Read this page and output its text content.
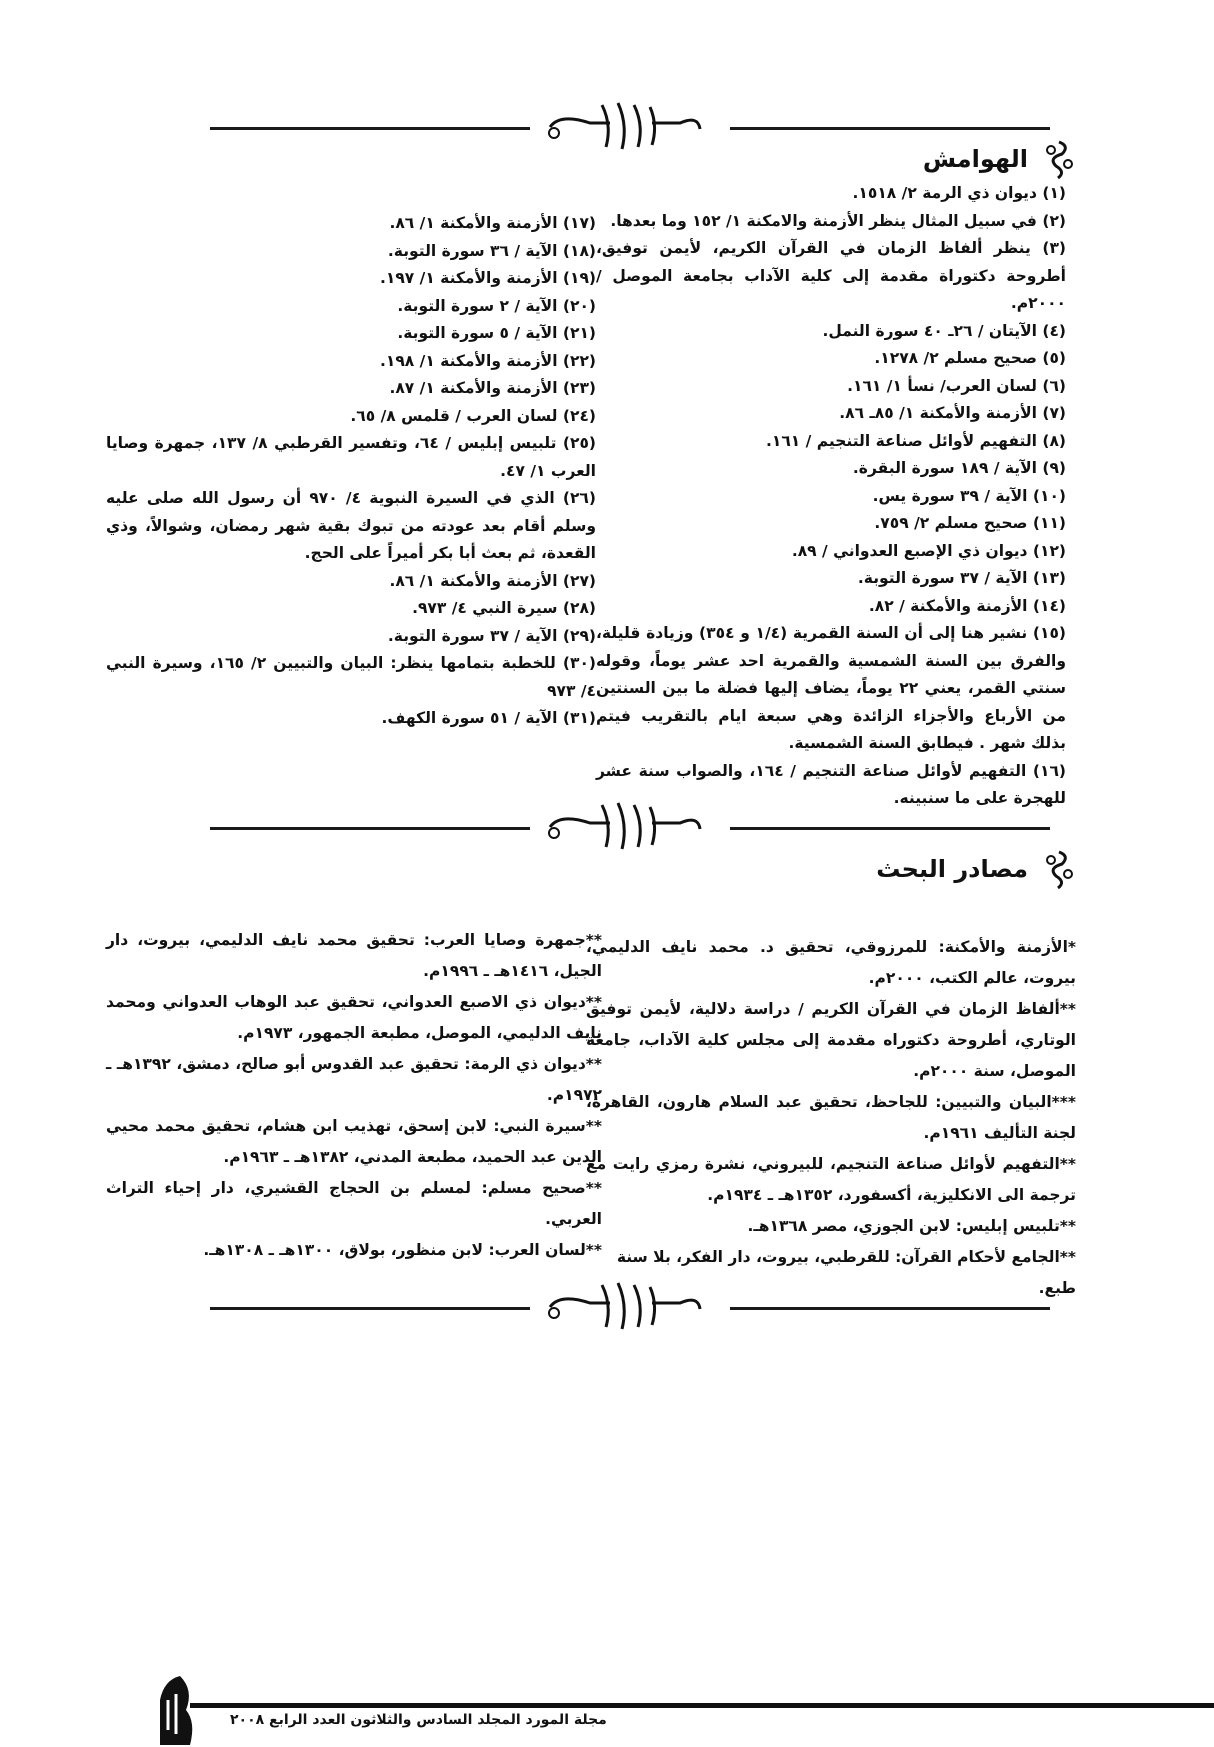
الهوامش

(١) ديوان ذي الرمة ٢/ ١٥١٨.

(٢) في سبيل المثال ينظر الأزمنة والامكنة ١/ ١٥٢ وما بعدها.

(٣) ينظر ألفاظ الزمان في القرآن الكريم، لأيمن توفيق، أطروحة دكتوراة مقدمة إلى كلية الآداب بجامعة الموصل / ٢٠٠٠م.

(٤) الآيتان / ٢٦ـ ٤٠ سورة النمل.

(٥) صحيح مسلم ٢/ ١٢٧٨.

(٦) لسان العرب/ نسأ ١/ ١٦١.

(٧) الأزمنة والأمكنة ١/ ٨٥ـ ٨٦.

(٨) التفهيم لأوائل صناعة التنجيم / ١٦١.

(٩) الآية / ١٨٩ سورة البقرة.

(١٠) الآية / ٣٩ سورة يس.

(١١) صحيح مسلم ٢/ ٧٥٩.

(١٢) ديوان ذي الإصبع العدواني / ٨٩.

(١٣) الآية / ٣٧ سورة التوبة.

(١٤) الأزمنة والأمكنة / ٨٢.

(١٥) نشير هنا إلى أن السنة القمرية (١/٤ و ٣٥٤) وزيادة قليلة، والفرق بين السنة الشمسية والقمرية احد عشر يوماً، وقوله سنتي القمر، يعني ٢٢ يوماً، يضاف إليها فضلة ما بين السنتين من الأرباع والأجزاء الزائدة وهي سبعة ايام بالتقريب فيتم بذلك شهر . فيطابق السنة الشمسية.

(١٦) التفهيم لأوائل صناعة التنجيم / ١٦٤، والصواب سنة عشر للهجرة على ما سنبينه.

(١٧) الأزمنة والأمكنة ١/ ٨٦.

(١٨) الآية / ٣٦ سورة التوبة.

(١٩) الأزمنة والأمكنة ١/ ١٩٧.

(٢٠) الآية / ٢ سورة التوبة.

(٢١) الآية / ٥ سورة التوبة.

(٢٢) الأزمنة والأمكنة ١/ ١٩٨.

(٢٣) الأزمنة والأمكنة ١/ ٨٧.

(٢٤) لسان العرب / قلمس ٨/ ٦٥.

(٢٥) تلبيس إبليس / ٦٤، وتفسير القرطبي ٨/ ١٣٧، جمهرة وصايا العرب ١/ ٤٧.

(٢٦) الذي في السيرة النبوية ٤/ ٩٧٠ أن رسول الله صلى عليه وسلم أقام بعد عودته من تبوك بقية شهر رمضان، وشوالاً، وذي القعدة، ثم بعث أبا بكر أميراً على الحج.

(٢٧) الأزمنة والأمكنة ١/ ٨٦.

(٢٨) سيرة النبي ٤/ ٩٧٣.

(٢٩) الآية / ٣٧ سورة التوبة.

(٣٠) للخطبة بتمامها ينظر: البيان والتبيين ٢/ ١٦٥، وسيرة النبي ٤/ ٩٧٣

(٣١) الآية / ٥١ سورة الكهف.

مصادر البحث

*الأزمنة والأمكنة: للمرزوقي، تحقيق د. محمد نايف الدليمي، بيروت، عالم الكتب، ٢٠٠٠م.

**ألفاظ الزمان في القرآن الكريم / دراسة دلالية، لأيمن توفيق الوتاري، أطروحة دكتوراه مقدمة إلى مجلس كلية الآداب، جامعة الموصل، سنة ٢٠٠٠م.

***البيان والتبيين: للجاحظ، تحقيق عبد السلام هارون، القاهرة، لجنة التأليف ١٩٦١م.

**التفهيم لأوائل صناعة التنجيم، للبيروني، نشرة رمزي رايت مع ترجمة الى الانكليزية، أكسفورد، ١٣٥٢هـ ـ ١٩٣٤م.

**تلبيس إبليس: لابن الجوزي، مصر ١٣٦٨هـ.

**الجامع لأحكام القرآن: للقرطبي، بيروت، دار الفكر، بلا سنة طبع.

**جمهرة وصايا العرب: تحقيق محمد نايف الدليمي، بيروت، دار الجيل، ١٤١٦هـ ـ ١٩٩٦م.

**ديوان ذي الاصبع العدواني، تحقيق عبد الوهاب العدواني ومحمد نايف الدليمي، الموصل، مطبعة الجمهور، ١٩٧٣م.

**ديوان ذي الرمة: تحقيق عبد القدوس أبو صالح، دمشق، ١٣٩٢هـ ـ ١٩٧٢م.

**سيرة النبي: لابن إسحق، تهذيب ابن هشام، تحقيق محمد محيي الدين عبد الحميد، مطبعة المدني، ١٣٨٢هـ ـ ١٩٦٣م.

**صحيح مسلم: لمسلم بن الحجاج القشيري، دار إحياء التراث العربي.

**لسان العرب: لابن منظور، بولاق، ١٣٠٠هـ ـ ١٣٠٨هـ.

مجلة المورد المجلد السادس والثلاثون العدد الرابع ٢٠٠٨
